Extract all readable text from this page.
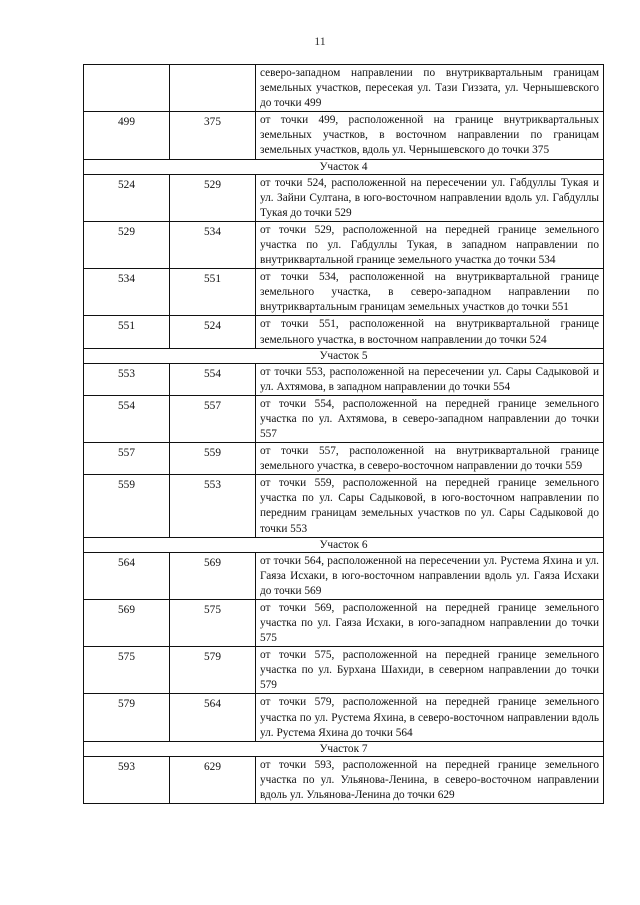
11
		северо-западном направлении по внутриквартальным границам земельных участков, пересекая ул. Тази Гиззата, ул. Чернышевского до точки 499
499	375	от точки 499, расположенной на границе внутриквартальных земельных участков, в восточном направлении по границам земельных участков, вдоль ул. Чернышевского до точки 375
Участок 4		
524	529	от точки 524, расположенной на пересечении ул. Габдуллы Тукая и ул. Зайни Султана, в юго-восточном направлении вдоль ул. Габдуллы Тукая до точки 529
529	534	от точки 529, расположенной на передней границе земельного участка по ул. Габдуллы Тукая, в западном направлении по внутриквартальной границе земельного участка до точки 534
534	551	от точки 534, расположенной на внутриквартальной границе земельного участка, в северо-западном направлении по внутриквартальным границам земельных участков до точки 551
551	524	от точки 551, расположенной на внутриквартальной границе земельного участка, в восточном направлении до точки 524
Участок 5		
553	554	от точки 553, расположенной на пересечении ул. Сары Садыковой и ул. Ахтямова, в западном направлении до точки 554
554	557	от точки 554, расположенной на передней границе земельного участка по ул. Ахтямова, в северо-западном направлении до точки 557
557	559	от точки 557, расположенной на внутриквартальной границе земельного участка, в северо-восточном направлении до точки 559
559	553	от точки 559, расположенной на передней границе земельного участка по ул. Сары Садыковой, в юго-восточном направлении по передним границам земельных участков по ул. Сары Садыковой до точки 553
Участок 6		
564	569	от точки 564, расположенной на пересечении ул. Рустема Яхина и ул. Гаяза Исхаки, в юго-восточном направлении вдоль ул. Гаяза Исхаки до точки 569
569	575	от точки 569, расположенной на передней границе земельного участка по ул. Гаяза Исхаки, в юго-западном направлении до точки 575
575	579	от точки 575, расположенной на передней границе земельного участка по ул. Бурхана Шахиди, в северном направлении до точки 579
579	564	от точки 579, расположенной на передней границе земельного участка по ул. Рустема Яхина, в северо-восточном направлении вдоль ул. Рустема Яхина до точки 564
Участок 7		
593	629	от точки 593, расположенной на передней границе земельного участка по ул. Ульянова-Ленина, в северо-восточном направлении вдоль ул. Ульянова-Ленина до точки 629
